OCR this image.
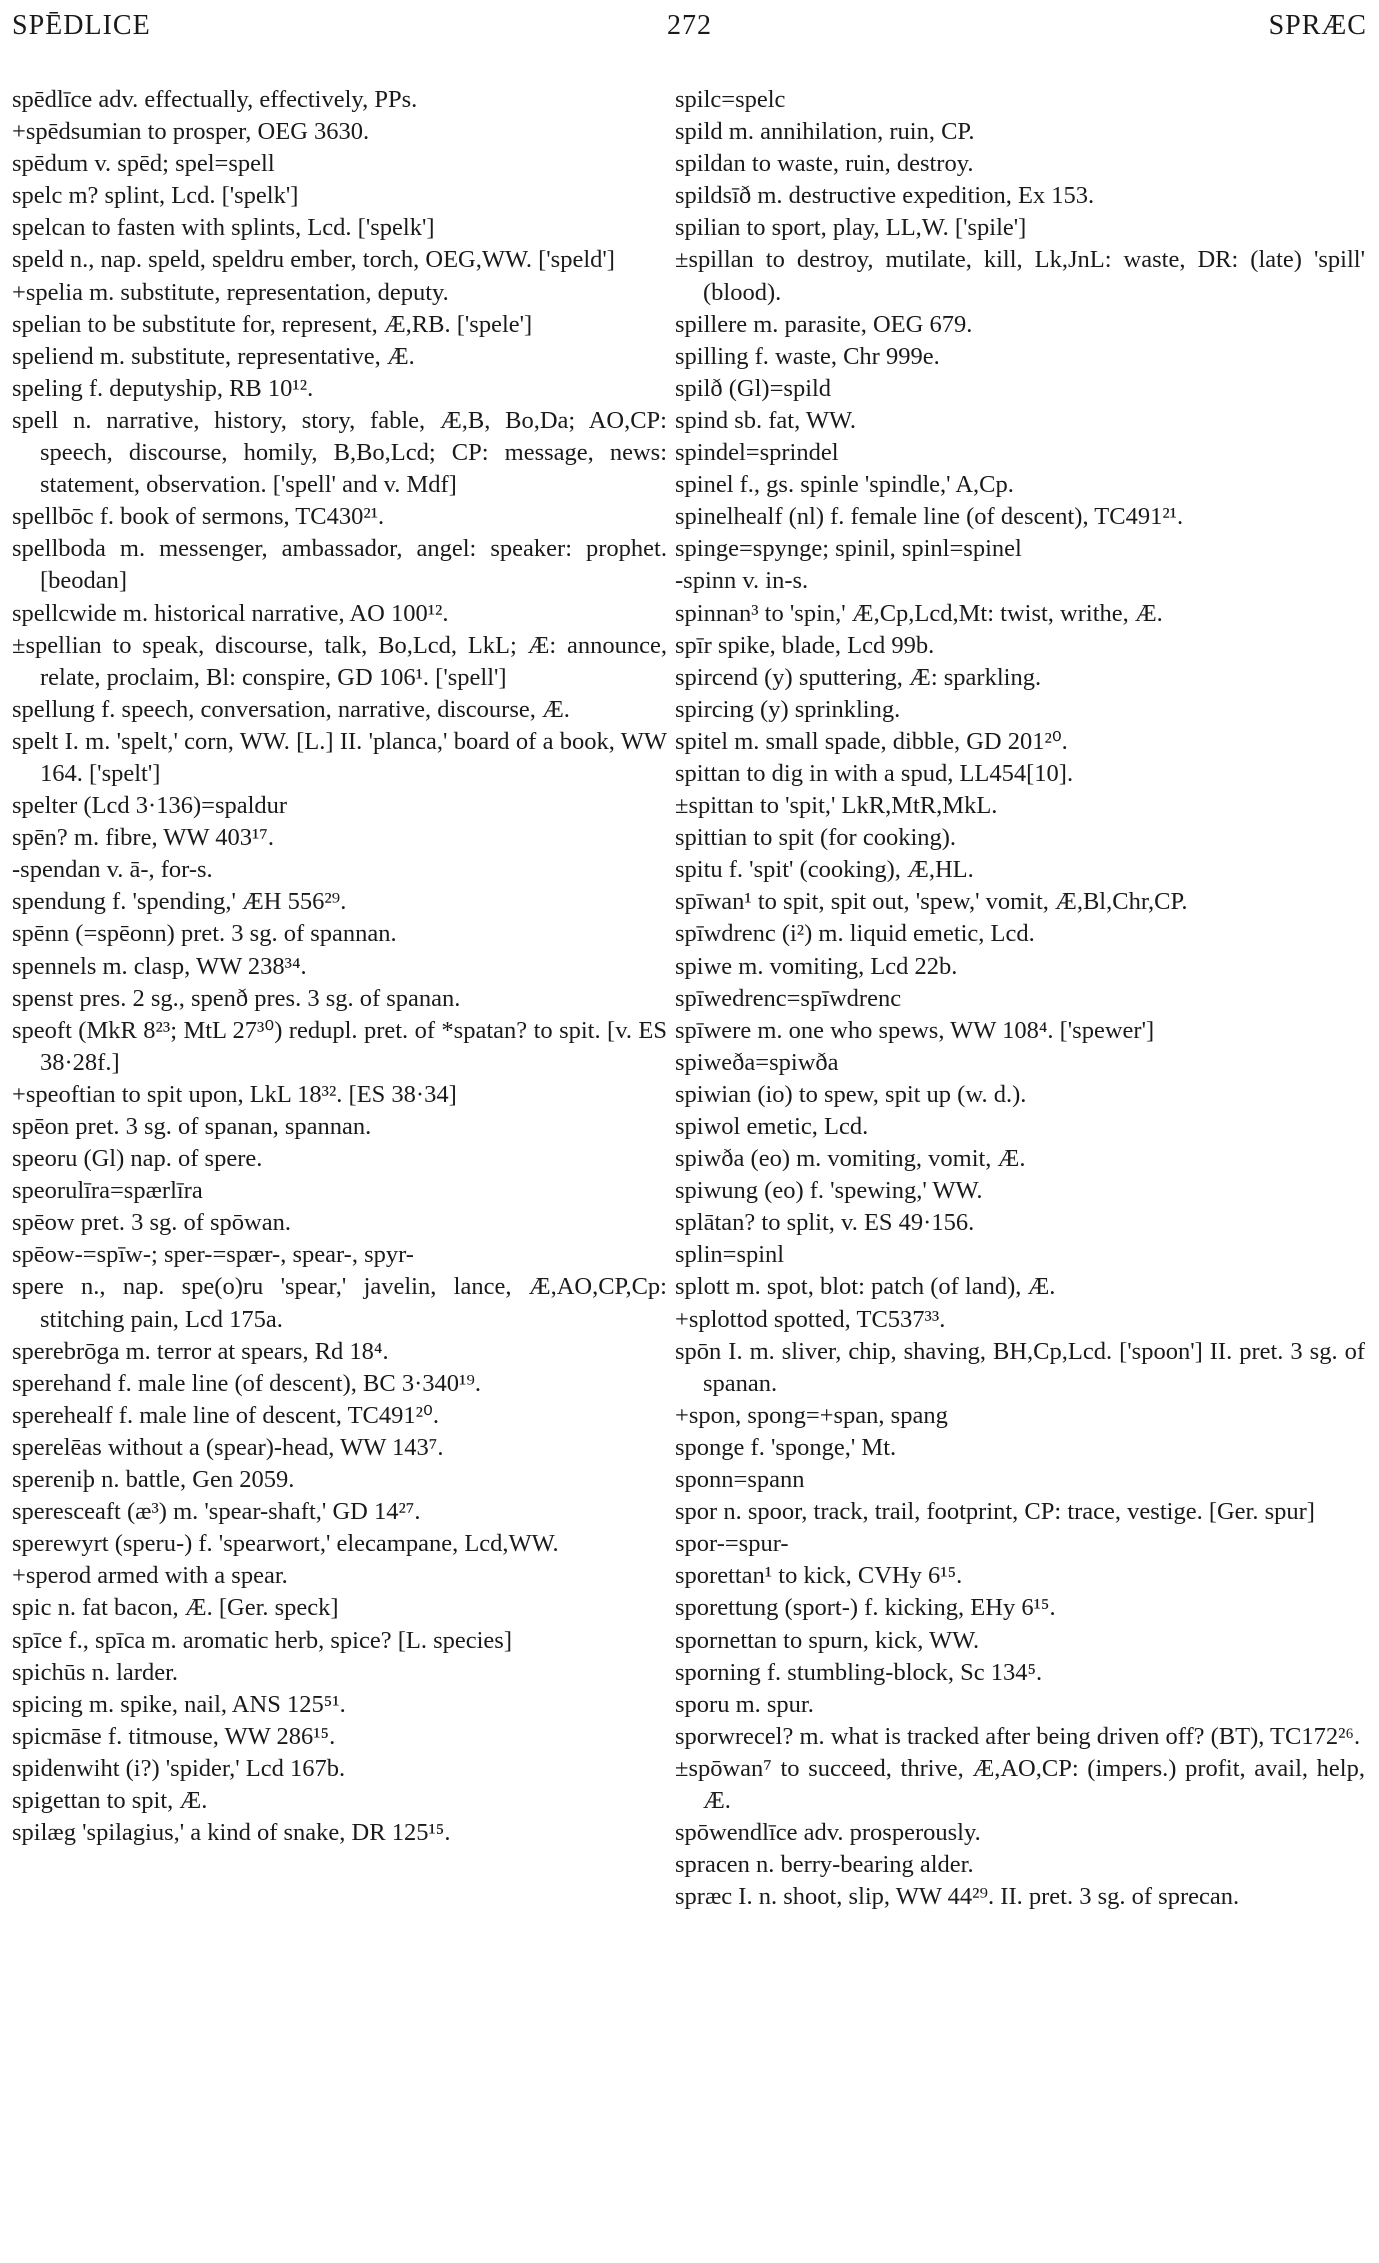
SPĒDLICE	272	SPRÆC

spēdlīce adv. effectually, effectively, PPs.

+spēdsumian to prosper, OEG 3630.

spēdum v. spēd; spel=spell

spelc m? splint, Lcd. ['spelk']

spelcan to fasten with splints, Lcd. ['spelk']

speld n., nap. speld, speldru ember, torch, OEG,WW. ['speld']

+spelia m. substitute, representation, deputy.

spelian to be substitute for, represent, Æ,RB. ['spele']

speliend m. substitute, representative, Æ.

speling f. deputyship, RB 10¹².

spell n. narrative, history, story, fable, Æ,B, Bo,Da; AO,CP: speech, discourse, homily, B,Bo,Lcd; CP: message, news: statement, observation. ['spell' and v. Mdf]

spellbōc f. book of sermons, TC430²¹.

spellboda m. messenger, ambassador, angel: speaker: prophet. [beodan]

spellcwide m. historical narrative, AO 100¹².

±spellian to speak, discourse, talk, Bo,Lcd, LkL; Æ: announce, relate, proclaim, Bl: conspire, GD 106¹. ['spell']

spellung f. speech, conversation, narrative, discourse, Æ.

spelt I. m. 'spelt,' corn, WW. [L.] II. 'planca,' board of a book, WW 164. ['spelt']

spelter (Lcd 3·136)=spaldur

spēn? m. fibre, WW 403¹⁷.

-spendan v. ā-, for-s.

spendung f. 'spending,' ÆH 556²⁹.

spēnn (=spēonn) pret. 3 sg. of spannan.

spennels m. clasp, WW 238³⁴.

spenst pres. 2 sg., spenð pres. 3 sg. of spanan.

speoft (MkR 8²³; MtL 27³⁰) redupl. pret. of *spatan? to spit. [v. ES 38·28f.]

+speoftian to spit upon, LkL 18³². [ES 38·34]

spēon pret. 3 sg. of spanan, spannan.

speoru (Gl) nap. of spere.

speorulīra=spærlīra

spēow pret. 3 sg. of spōwan.

spēow-=spīw-; sper-=spær-, spear-, spyr-

spere n., nap. spe(o)ru 'spear,' javelin, lance, Æ,AO,CP,Cp: stitching pain, Lcd 175a.

sperebrōga m. terror at spears, Rd 18⁴.

sperehand f. male line (of descent), BC 3·340¹⁹.

sperehealf f. male line of descent, TC491²⁰.

sperelēas without a (spear)-head, WW 143⁷.

spereniþ n. battle, Gen 2059.

speresceaft (æ³) m. 'spear-shaft,' GD 14²⁷.

sperewyrt (speru-) f. 'spearwort,' elecampane, Lcd,WW.

+sperod armed with a spear.

spic n. fat bacon, Æ. [Ger. speck]

spīce f., spīca m. aromatic herb, spice? [L. species]

spichūs n. larder.

spicing m. spike, nail, ANS 125⁵¹.

spicmāse f. titmouse, WW 286¹⁵.

spidenwiht (i?) 'spider,' Lcd 167b.

spigettan to spit, Æ.

spilæg 'spilagius,' a kind of snake, DR 125¹⁵.

spilc=spelc

spild m. annihilation, ruin, CP.

spildan to waste, ruin, destroy.

spildsīð m. destructive expedition, Ex 153.

spilian to sport, play, LL,W. ['spile']

±spillan to destroy, mutilate, kill, Lk,JnL: waste, DR: (late) 'spill' (blood).

spillere m. parasite, OEG 679.

spilling f. waste, Chr 999e.

spilð (Gl)=spild

spind sb. fat, WW.

spindel=sprindel

spinel f., gs. spinle 'spindle,' A,Cp.

spinelhealf (nl) f. female line (of descent), TC491²¹.

spinge=spynge; spinil, spinl=spinel

-spinn v. in-s.

spinnan³ to 'spin,' Æ,Cp,Lcd,Mt: twist, writhe, Æ.

spīr spike, blade, Lcd 99b.

spircend (y) sputtering, Æ: sparkling.

spircing (y) sprinkling.

spitel m. small spade, dibble, GD 201²⁰.

spittan to dig in with a spud, LL454[10].

±spittan to 'spit,' LkR,MtR,MkL.

spittian to spit (for cooking).

spitu f. 'spit' (cooking), Æ,HL.

spīwan¹ to spit, spit out, 'spew,' vomit, Æ,Bl,Chr,CP.

spīwdrenc (i²) m. liquid emetic, Lcd.

spiwe m. vomiting, Lcd 22b.

spīwedrenc=spīwdrenc

spīwere m. one who spews, WW 108⁴. ['spewer']

spiweða=spiwða

spiwian (io) to spew, spit up (w. d.).

spiwol emetic, Lcd.

spiwða (eo) m. vomiting, vomit, Æ.

spiwung (eo) f. 'spewing,' WW.

splātan? to split, v. ES 49·156.

splin=spinl

splott m. spot, blot: patch (of land), Æ.

+splottod spotted, TC537³³.

spōn I. m. sliver, chip, shaving, BH,Cp,Lcd. ['spoon'] II. pret. 3 sg. of spanan.

+spon, spong=+span, spang

sponge f. 'sponge,' Mt.

sponn=spann

spor n. spoor, track, trail, footprint, CP: trace, vestige. [Ger. spur]

spor-=spur-

sporettan¹ to kick, CVHy 6¹⁵.

sporettung (sport-) f. kicking, EHy 6¹⁵.

spornettan to spurn, kick, WW.

sporning f. stumbling-block, Sc 134⁵.

sporu m. spur.

sporwrecel? m. what is tracked after being driven off? (BT), TC172²⁶.

±spōwan⁷ to succeed, thrive, Æ,AO,CP: (impers.) profit, avail, help, Æ.

spōwendlīce adv. prosperously.

spracen n. berry-bearing alder.

spræc I. n. shoot, slip, WW 44²⁹. II. pret. 3 sg. of sprecan.
